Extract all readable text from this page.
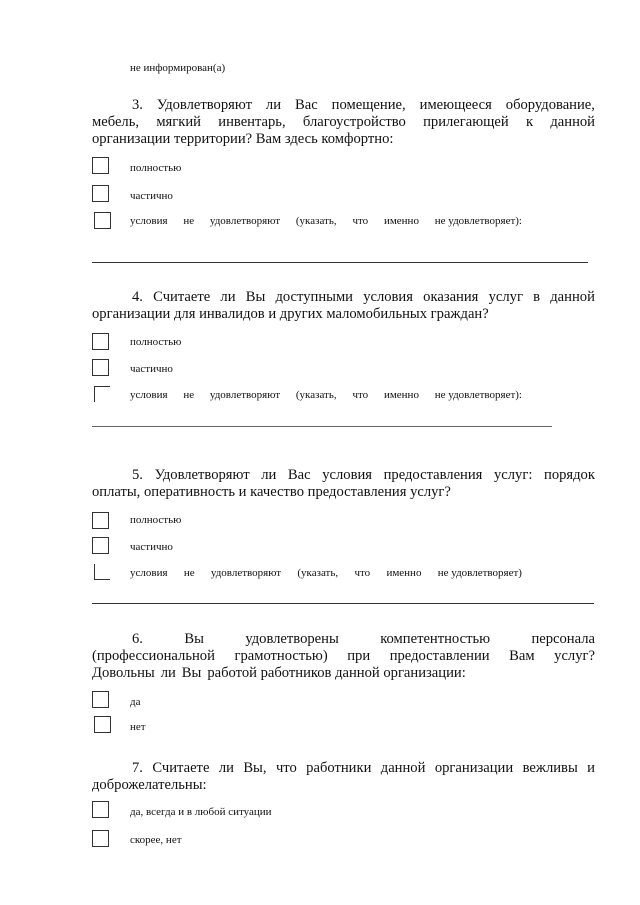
не информирован(а)

3. Удовлетворяют ли Вас помещение, имеющееся оборудование,

мебель, мягкий инвентарь, благоустройство прилегающей к данной

организации территории? Вам здесь комфортно:

полностью
частично
условия не удовлетворяют (указать, что именно не удовлетворяет):

4. Считаете ли Вы доступными условия оказания услуг в данной

организации для инвалидов и других маломобильных граждан?

полностью
частично
условия не удовлетворяют (указать, что именно не удовлетворяет):

5. Удовлетворяют ли Вас условия предоставления услуг: порядок

оплаты, оперативность и качество предоставления услуг?

полностью
частично
условия не удовлетворяют (указать, что именно не удовлетворяет)

6.	Вы	удовлетворены	компетентностью	персонала

(профессиональной грамотностью) при предоставлении Вам услуг?

Довольны ли Вы работой работников данной организации:

да
нет

7. Считаете ли Вы, что работники данной организации вежливы и

доброжелательны:

да, всегда и в любой ситуации
скорее, нет
